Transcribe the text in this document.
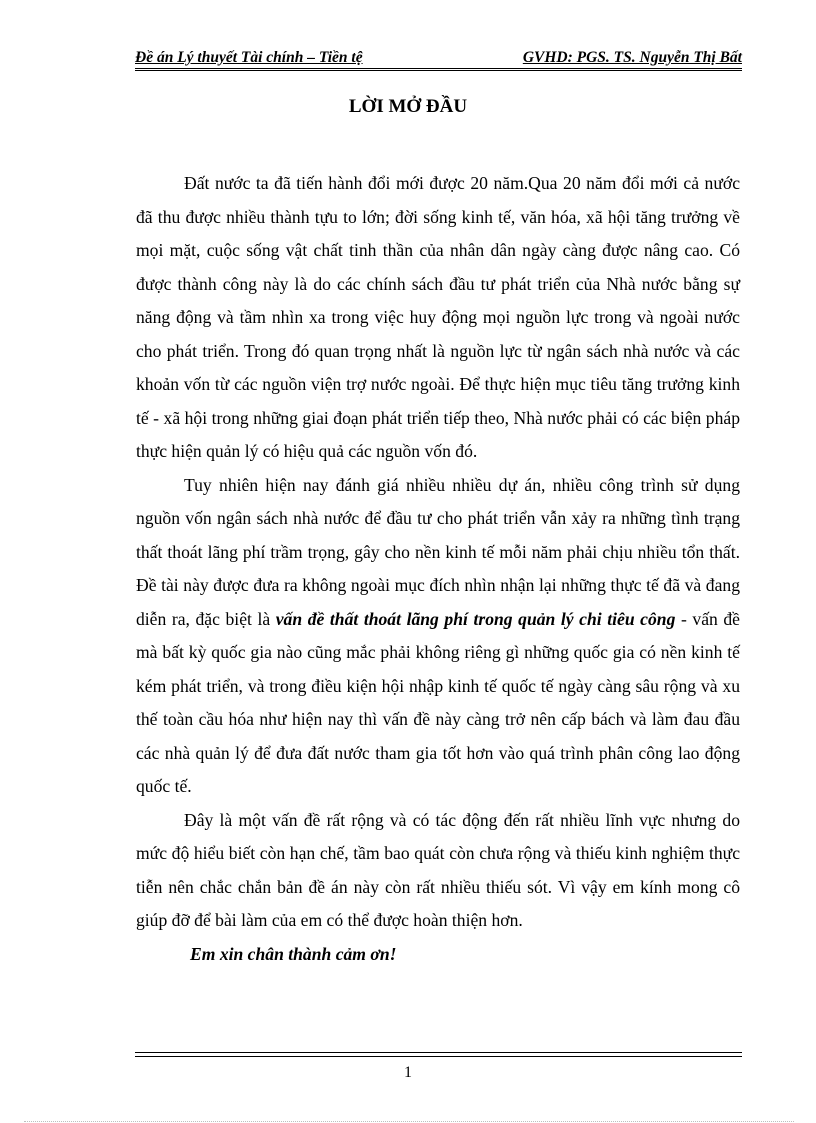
Đề án Lý thuyết Tài chính – Tiền tệ	GVHD: PGS. TS. Nguyễn Thị Bất
LỜI MỞ ĐẦU

Đất nước ta đã tiến hành đổi mới được 20 năm.Qua 20 năm đổi mới cả nước đã thu được nhiều thành tựu to lớn; đời sống kinh tế, văn hóa, xã hội tăng trưởng về mọi mặt, cuộc sống vật chất tinh thần của nhân dân ngày càng được nâng cao. Có được thành công này là do các chính sách đầu tư phát triển của Nhà nước bằng sự năng động và tầm nhìn xa trong việc huy động mọi nguồn lực trong và ngoài nước cho phát triển. Trong đó quan trọng nhất là nguồn lực từ ngân sách nhà nước và các khoản vốn từ các nguồn viện trợ nước ngoài. Để thực hiện mục tiêu tăng trưởng kinh tế - xã hội trong những giai đoạn phát triển tiếp theo, Nhà nước phải có các biện pháp thực hiện quản lý có hiệu quả các nguồn vốn đó.

Tuy nhiên hiện nay đánh giá nhiều nhiều dự án, nhiều công trình sử dụng nguồn vốn ngân sách nhà nước để đầu tư cho phát triển vẫn xảy ra những tình trạng thất thoát lãng phí trầm trọng, gây cho nền kinh tế mỗi năm phải chịu nhiều tổn thất. Đề tài này được đưa ra không ngoài mục đích nhìn nhận lại những thực tế đã và đang diễn ra, đặc biệt là vấn đề thất thoát lãng phí trong quản lý chi tiêu công - vấn đề mà bất kỳ quốc gia nào cũng mắc phải không riêng gì những quốc gia có nền kinh tế kém phát triển, và trong điều kiện hội nhập kinh tế quốc tế ngày càng sâu rộng và xu thế toàn cầu hóa như hiện nay thì vấn đề này càng trở nên cấp bách và làm đau đầu các nhà quản lý để đưa đất nước tham gia tốt hơn vào quá trình phân công lao động quốc tế.

Đây là một vấn đề rất rộng và có tác động đến rất nhiều lĩnh vực nhưng do mức độ hiểu biết còn hạn chế, tầm bao quát còn chưa rộng và thiếu kinh nghiệm thực tiễn nên chắc chắn bản đề án này còn rất nhiều thiếu sót. Vì vậy em kính mong cô giúp đỡ để bài làm của em có thể được hoàn thiện hơn.

Em xin chân thành cảm ơn!

1
